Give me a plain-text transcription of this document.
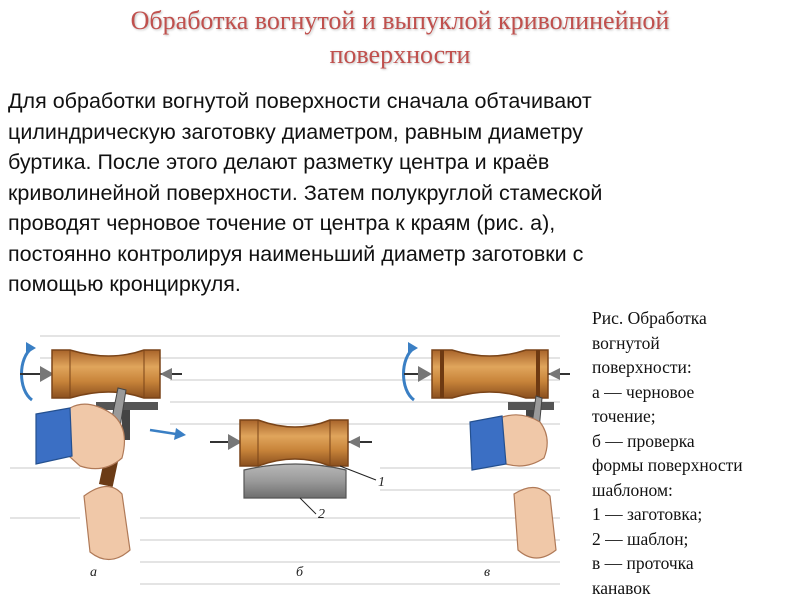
Обработка вогнутой и выпуклой криволинейной
поверхности
Для обработки вогнутой поверхности сначала обтачивают
цилиндрическую заготовку диаметром, равным диаметру
буртика. После этого делают разметку центра и краёв
криволинейной поверхности. Затем полукруглой стамеской
проводят черновое точение от центра к краям (рис. а),
постоянно контролируя наименьший диаметр заготовки с
помощью кронциркуля.
а
1
2
б	в
Рис. Обработка
вогнутой
поверхности:
а — черновое
точение;
б — проверка
формы поверхности
шаблоном:
1 — заготовка;
2 — шаблон;
в — проточка
канавок
